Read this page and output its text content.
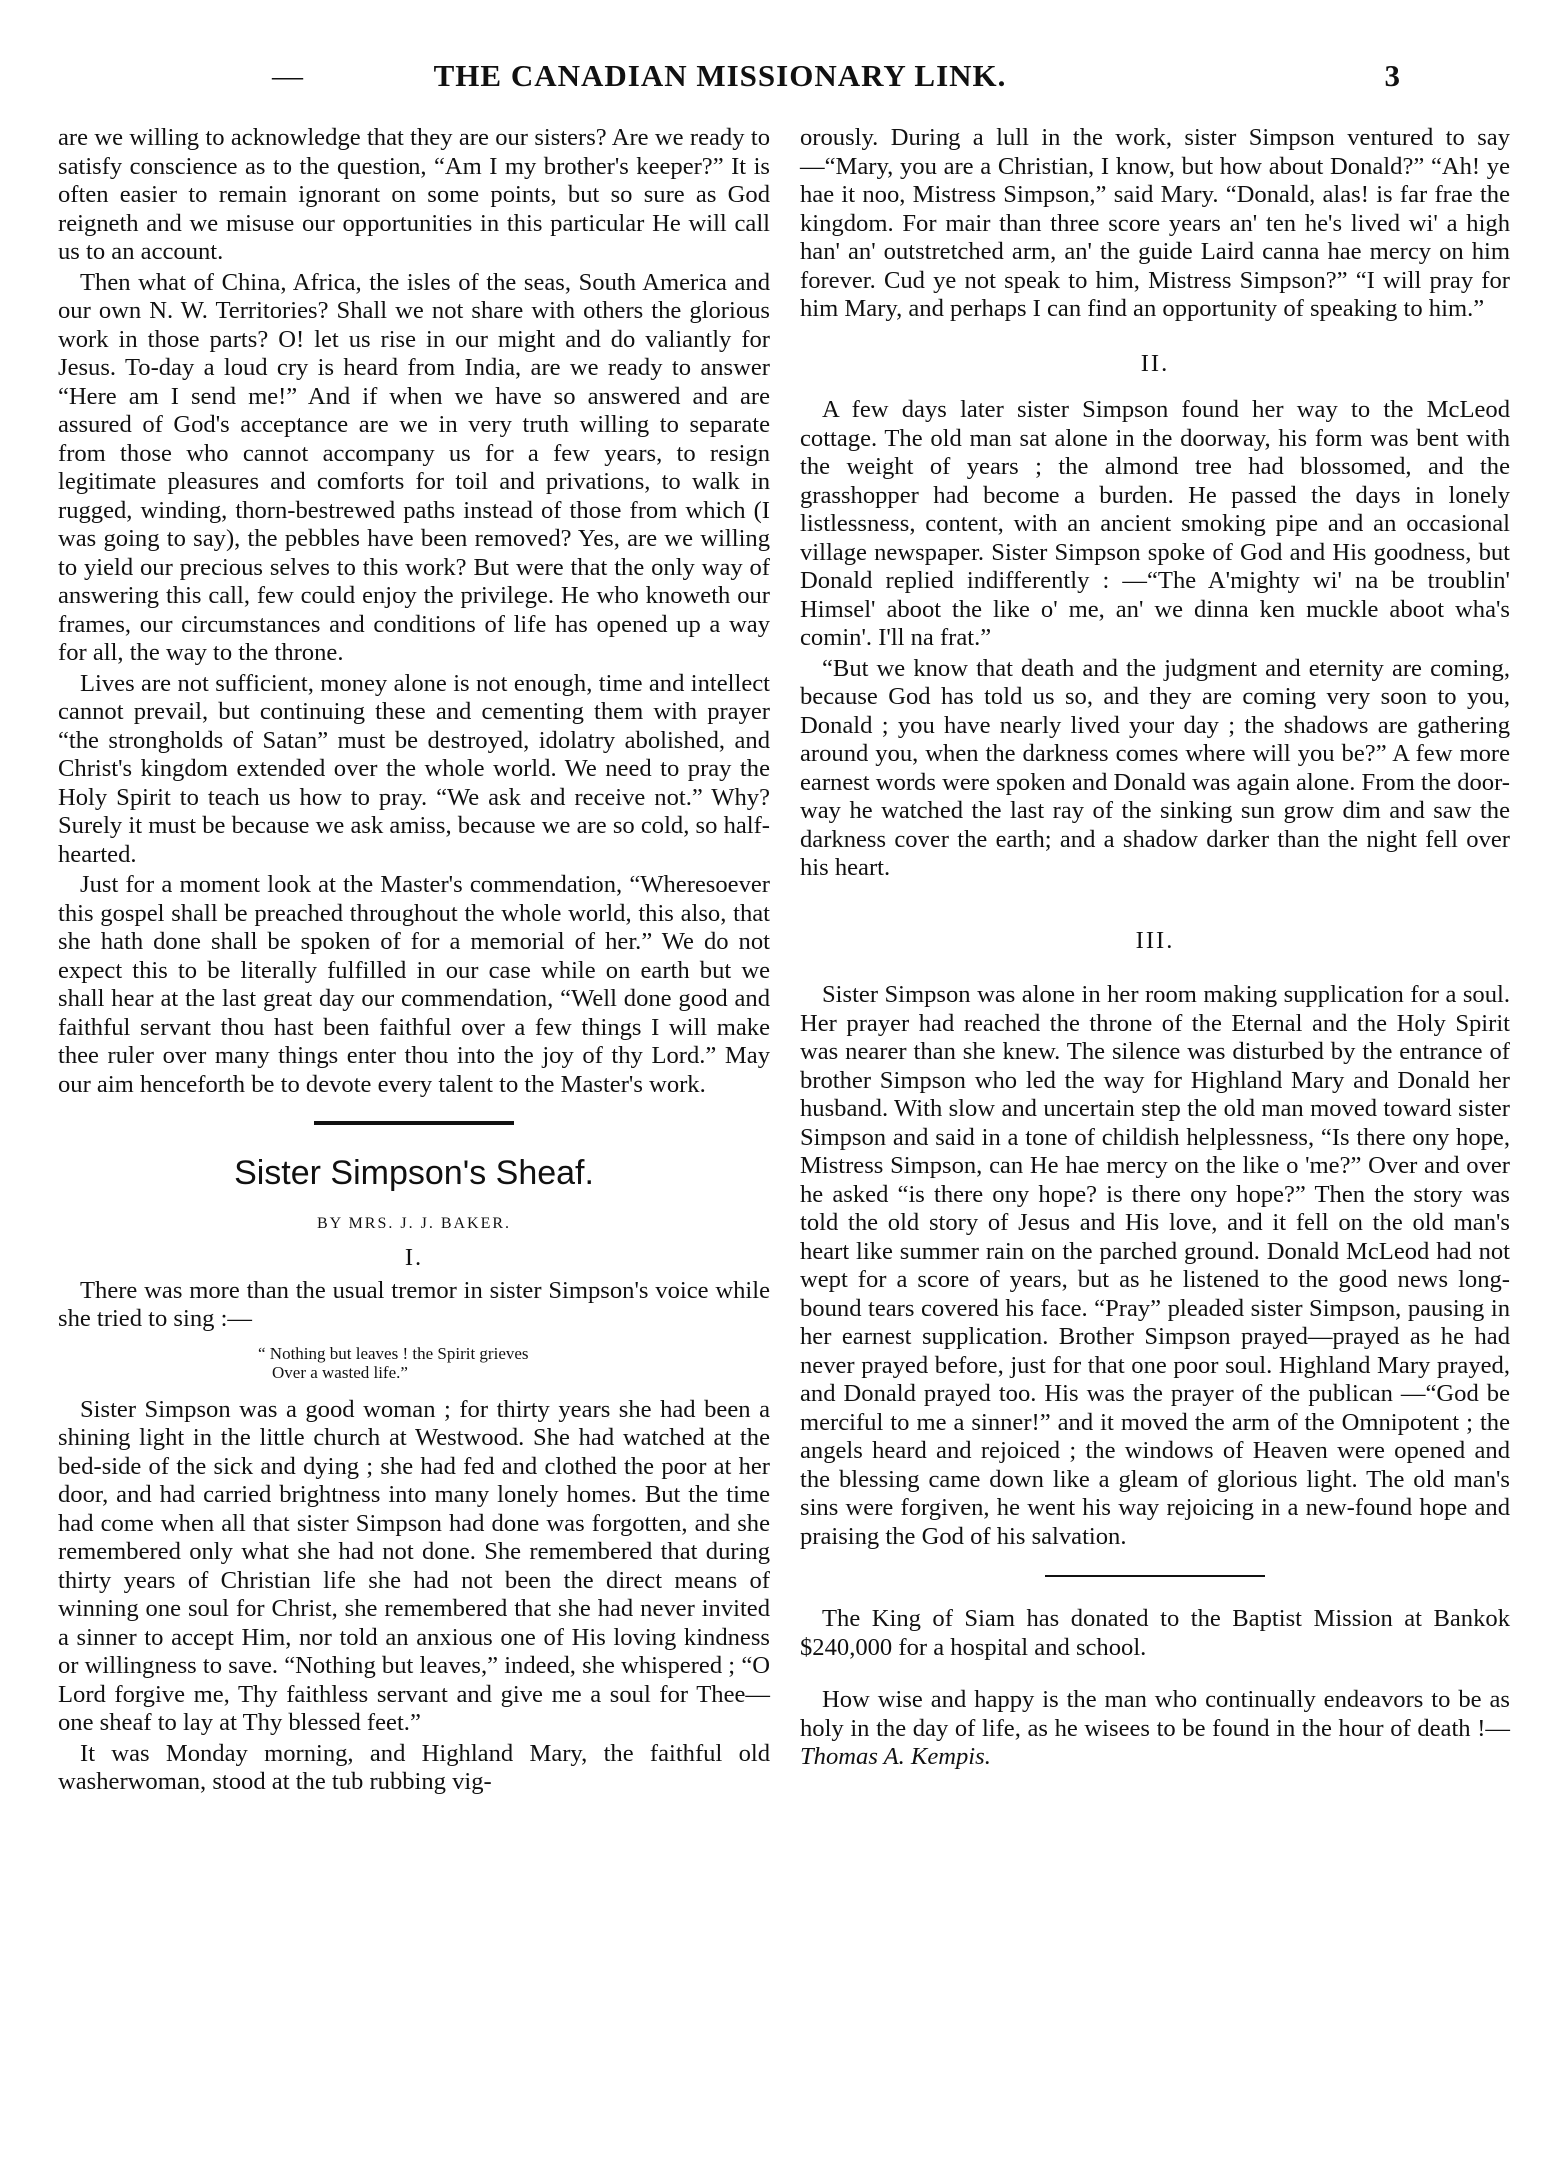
—	THE CANADIAN MISSIONARY LINK.	3

are we willing to acknowledge that they are our sisters? Are we ready to satisfy conscience as to the question, “Am I my brother's keeper?” It is often easier to remain ignorant on some points, but so sure as God reigneth and we misuse our opportunities in this particular He will call us to an account.

Then what of China, Africa, the isles of the seas, South America and our own N. W. Territories? Shall we not share with others the glorious work in those parts? O! let us rise in our might and do valiantly for Jesus. To-day a loud cry is heard from India, are we ready to answer “Here am I send me!” And if when we have so answered and are assured of God's acceptance are we in very truth willing to separate from those who cannot accompany us for a few years, to resign legitimate pleasures and comforts for toil and privations, to walk in rugged, winding, thorn-bestrewed paths instead of those from which (I was going to say), the pebbles have been removed? Yes, are we willing to yield our precious selves to this work? But were that the only way of answering this call, few could enjoy the privilege. He who knoweth our frames, our circumstances and conditions of life has opened up a way for all, the way to the throne.

Lives are not sufficient, money alone is not enough, time and intellect cannot prevail, but continuing these and cementing them with prayer “the strongholds of Satan” must be destroyed, idolatry abolished, and Christ's kingdom extended over the whole world. We need to pray the Holy Spirit to teach us how to pray. “We ask and receive not.” Why? Surely it must be because we ask amiss, because we are so cold, so half-hearted.

Just for a moment look at the Master's commendation, “Wheresoever this gospel shall be preached throughout the whole world, this also, that she hath done shall be spoken of for a memorial of her.” We do not expect this to be literally fulfilled in our case while on earth but we shall hear at the last great day our commendation, “Well done good and faithful servant thou hast been faithful over a few things I will make thee ruler over many things enter thou into the joy of thy Lord.” May our aim henceforth be to devote every talent to the Master's work.

Sister Simpson's Sheaf.
BY MRS. J. J. BAKER.
I.

There was more than the usual tremor in sister Simpson's voice while she tried to sing :—

“ Nothing but leaves ! the Spirit grieves
Over a wasted life.”

Sister Simpson was a good woman ; for thirty years she had been a shining light in the little church at Westwood. She had watched at the bed-side of the sick and dying ; she had fed and clothed the poor at her door, and had carried brightness into many lonely homes. But the time had come when all that sister Simpson had done was forgotten, and she remembered only what she had not done. She remembered that during thirty years of Christian life she had not been the direct means of winning one soul for Christ, she remembered that she had never invited a sinner to accept Him, nor told an anxious one of His loving kindness or willingness to save. “Nothing but leaves,” indeed, she whispered ; “O Lord forgive me, Thy faithless servant and give me a soul for Thee—one sheaf to lay at Thy blessed feet.”

It was Monday morning, and Highland Mary, the faithful old washerwoman, stood at the tub rubbing vig-

orously. During a lull in the work, sister Simpson ventured to say—“Mary, you are a Christian, I know, but how about Donald?” “Ah! ye hae it noo, Mistress Simpson,” said Mary. “Donald, alas! is far frae the kingdom. For mair than three score years an' ten he's lived wi' a high han' an' outstretched arm, an' the guide Laird canna hae mercy on him forever. Cud ye not speak to him, Mistress Simpson?” “I will pray for him Mary, and perhaps I can find an opportunity of speaking to him.”

II.

A few days later sister Simpson found her way to the McLeod cottage. The old man sat alone in the doorway, his form was bent with the weight of years ; the almond tree had blossomed, and the grasshopper had become a burden. He passed the days in lonely listlessness, content, with an ancient smoking pipe and an occasional village newspaper. Sister Simpson spoke of God and His goodness, but Donald replied indifferently : —“The A'mighty wi' na be troublin' Himsel' aboot the like o' me, an' we dinna ken muckle aboot wha's comin'. I'll na frat.”

“But we know that death and the judgment and eternity are coming, because God has told us so, and they are coming very soon to you, Donald ; you have nearly lived your day ; the shadows are gathering around you, when the darkness comes where will you be?” A few more earnest words were spoken and Donald was again alone. From the door-way he watched the last ray of the sinking sun grow dim and saw the darkness cover the earth; and a shadow darker than the night fell over his heart.

III.

Sister Simpson was alone in her room making supplication for a soul. Her prayer had reached the throne of the Eternal and the Holy Spirit was nearer than she knew. The silence was disturbed by the entrance of brother Simpson who led the way for Highland Mary and Donald her husband. With slow and uncertain step the old man moved toward sister Simpson and said in a tone of childish helplessness, “Is there ony hope, Mistress Simpson, can He hae mercy on the like o 'me?” Over and over he asked “is there ony hope? is there ony hope?” Then the story was told the old story of Jesus and His love, and it fell on the old man's heart like summer rain on the parched ground. Donald McLeod had not wept for a score of years, but as he listened to the good news long-bound tears covered his face. “Pray” pleaded sister Simpson, pausing in her earnest supplication. Brother Simpson prayed—prayed as he had never prayed before, just for that one poor soul. Highland Mary prayed, and Donald prayed too. His was the prayer of the publican —“God be merciful to me a sinner!” and it moved the arm of the Omnipotent ; the angels heard and rejoiced ; the windows of Heaven were opened and the blessing came down like a gleam of glorious light. The old man's sins were forgiven, he went his way rejoicing in a new-found hope and praising the God of his salvation.

The King of Siam has donated to the Baptist Mission at Bankok $240,000 for a hospital and school.

How wise and happy is the man who continually endeavors to be as holy in the day of life, as he wisees to be found in the hour of death !—Thomas A. Kempis.
